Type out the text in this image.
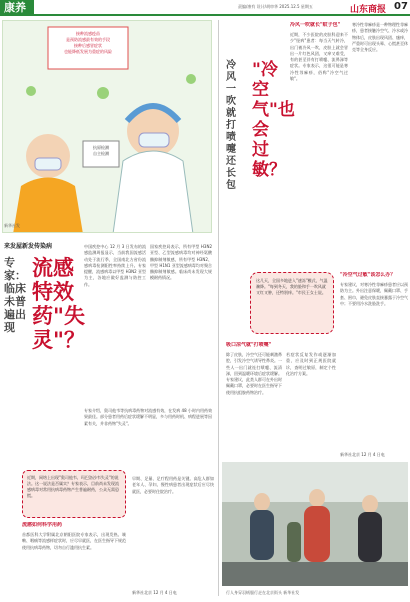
康养	责编/康有 设计/胡审华 2025.12.5 星期五	山东商报 07
接种流感疫苗
是预防流感最有效的手段
接种后感冒症状
也能降低发展为重症的风险
抗原检测
自主检测
新华社发
来发屋新发传染病
专家：临床未普遍出现
流感特效药"失灵"？
中国疾控中心 12 月 3 日发布的流感监测周报显示，当前我国流感活动处于流行季，全国南北方省份流感病毒检测阳性率持续上升。专家提醒，流感病毒以甲型 H3N2 亚型为主，各地应做好监测与防控工作。
国家疾控局表示，所有甲型 H3N2 亚型、乙型流感病毒均对神经氨酸酶抑制剂敏感，所有甲型 H3N2、甲型 H1N1 亚型流感病毒均对聚合酶抑制剂敏感。临床尚未发现大规模耐药情况。
专家介绍，奥司他韦等抗病毒药物对流感有效，在发病 48 小时内用药效果最佳。部分患者用药后症状缓解不明显，多与用药时机、病程进展等因素有关，并非药物"失灵"。
近期，网络上出现"奥司他韦、玛巴洛沙韦失灵"的说法。这一说法是否属实？专家表示，目前尚未发现流感病毒对常用抗病毒药物产生普遍耐药，公众无需恐慌。
流感如何科学用药
首都医科大学附属北京朝阳医院专家表示，出现发热、咳嗽、咽痛等流感样症状时，应尽早就医，在医生指导下规范使用抗病毒药物，切勿自行滥用抗生素。
早期、足量、足疗程用药是关键。高危人群如老年人、孕妇、慢性病患者出现症状后应尽快就医，必要时住院治疗。
新华社北京 12 月 4 日电
"冷空气"也会过敏？
冷风一吹就打喷嚏还长包
冷风一吹就长"蚊子包"
近期，不少医院的皮肤科迎来不少"怪病"患者：每当天气转冷，出门被冷风一吹，皮肤上就会冒出一片红色风团，又痒又难受，有的甚至伴有打喷嚏、流鼻涕等症状。专家表示，这很可能是寒冷性荨麻疹，俗称"冷空气过敏"。
寒冷性荨麻疹是一种物理性荨麻疹，患者接触冷空气、冷水或冷物体后，皮肤出现风团、瘙痒，严重时可出现头晕、心慌甚至休克等全身反应。
这几天，全国多地进入"速冻"模式，气温骤降。"每到冬天，我的脸和手一吹风就又红又肿，还特别痒。"市民王女士说。
"冷空气过敏"该怎么办？
专家建议，对寒冷性荨麻疹患者应以预防为主。外出注意保暖，佩戴口罩、手套、围巾，避免皮肤直接暴露于冷空气中；不要用冷水洗脸洗手。
吸口凉气就"打喷嚏"
除了皮肤，冷空气还可能刺激鼻腔，引发冷空气诱导性鼻炎。一些人一出门就连打喷嚏、流清涕，回到温暖环境后症状缓解。专家建议，此类人群可在外出时佩戴口罩，必要时在医生指导下使用抗组胺药物治疗。
若症状反复发作或逐渐加重，应及时到正规医院就诊，查明过敏原，制定个性化治疗方案。
新华社北京 12 月 4 日电
行人身穿羽绒服行走在北京街头 新华社发
